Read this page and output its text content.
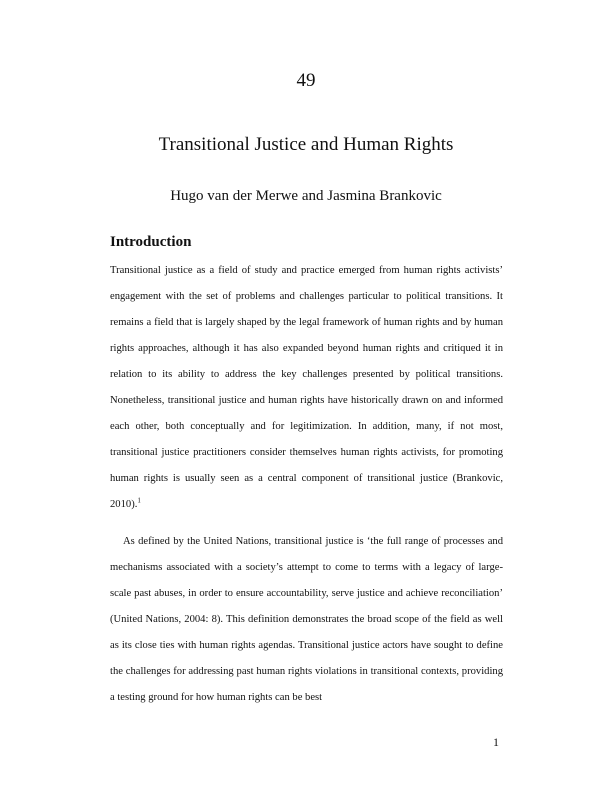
49
Transitional Justice and Human Rights
Hugo van der Merwe and Jasmina Brankovic
Introduction

Transitional justice as a field of study and practice emerged from human rights activists’ engagement with the set of problems and challenges particular to political transitions. It remains a field that is largely shaped by the legal framework of human rights and by human rights approaches, although it has also expanded beyond human rights and critiqued it in relation to its ability to address the key challenges presented by political transitions. Nonetheless, transitional justice and human rights have historically drawn on and informed each other, both conceptually and for legitimization. In addition, many, if not most, transitional justice practitioners consider themselves human rights activists, for promoting human rights is usually seen as a central component of transitional justice (Brankovic, 2010).$^1$

As defined by the United Nations, transitional justice is ‘the full range of processes and mechanisms associated with a society’s attempt to come to terms with a legacy of large-scale past abuses, in order to ensure accountability, serve justice and achieve reconciliation’ (United Nations, 2004: 8). This definition demonstrates the broad scope of the field as well as its close ties with human rights agendas. Transitional justice actors have sought to define the challenges for addressing past human rights violations in transitional contexts, providing a testing ground for how human rights can be best

1
